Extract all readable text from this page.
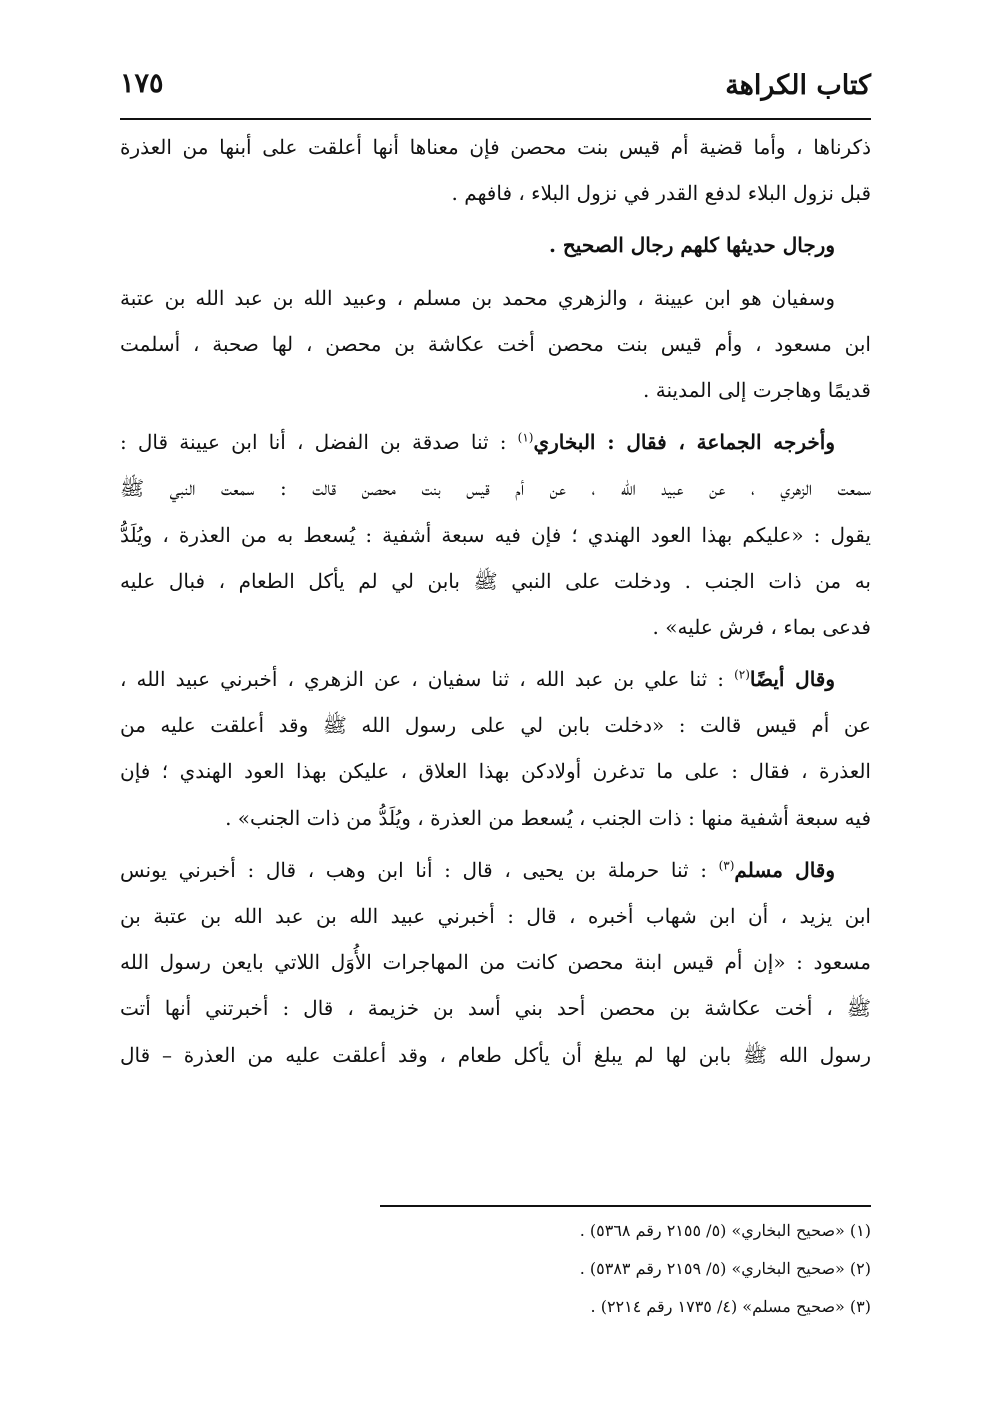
كتاب الكراهة
١٧٥
ذكرناها ، وأما قضية أم قيس بنت محصن فإن معناها أنها أعلقت على أبنها من العذرة
قبل نزول البلاء لدفع القدر في نزول البلاء ، فافهم .
ورجال حديثها كلهم رجال الصحيح .
وسفيان هو ابن عيينة ، والزهري محمد بن مسلم ، وعبيد الله بن عبد الله بن عتبة
ابن مسعود ، وأم قيس بنت محصن أخت عكاشة بن محصن ، لها صحبة ، أسلمت
قديمًا وهاجرت إلى المدينة .
وأخرجه الجماعة ، فقال : البخاري$^{(١)}$ : ثنا صدقة بن الفضل ، أنا ابن عيينة قال :
سمعت الزهري ، عن عبيد الله ، عن أم قيس بنت محصن قالت : سمعت النبي ﷺ
يقول : «عليكم بهذا العود الهندي ؛ فإن فيه سبعة أشفية : يُسعط به من العذرة ، ويُلَدُّ
به من ذات الجنب . ودخلت على النبي ﷺ بابن لي لم يأكل الطعام ، فبال عليه
فدعى بماء ، فرش عليه» .
وقال أيضًا$^{(٢)}$ : ثنا علي بن عبد الله ، ثنا سفيان ، عن الزهري ، أخبرني عبيد الله ،
عن أم قيس قالت : «دخلت بابن لي على رسول الله ﷺ وقد أعلقت عليه من
العذرة ، فقال : على ما تدغرن أولادكن بهذا العلاق ، عليكن بهذا العود الهندي ؛ فإن
فيه سبعة أشفية منها : ذات الجنب ، يُسعط من العذرة ، ويُلَدُّ من ذات الجنب» .
وقال مسلم$^{(٣)}$ : ثنا حرملة بن يحيى ، قال : أنا ابن وهب ، قال : أخبرني يونس
ابن يزيد ، أن ابن شهاب أخبره ، قال : أخبرني عبيد الله بن عبد الله بن عتبة بن
مسعود : «إن أم قيس ابنة محصن كانت من المهاجرات الأُوَل اللاتي بايعن رسول الله
ﷺ ، أخت عكاشة بن محصن أحد بني أسد بن خزيمة ، قال : أخبرتني أنها أتت
رسول الله ﷺ بابن لها لم يبلغ أن يأكل طعام ، وقد أعلقت عليه من العذرة – قال
(١) «صحيح البخاري» (٥/ ٢١٥٥ رقم ٥٣٦٨) .
(٢) «صحيح البخاري» (٥/ ٢١٥٩ رقم ٥٣٨٣) .
(٣) «صحيح مسلم» (٤/ ١٧٣٥ رقم ٢٢١٤) .
